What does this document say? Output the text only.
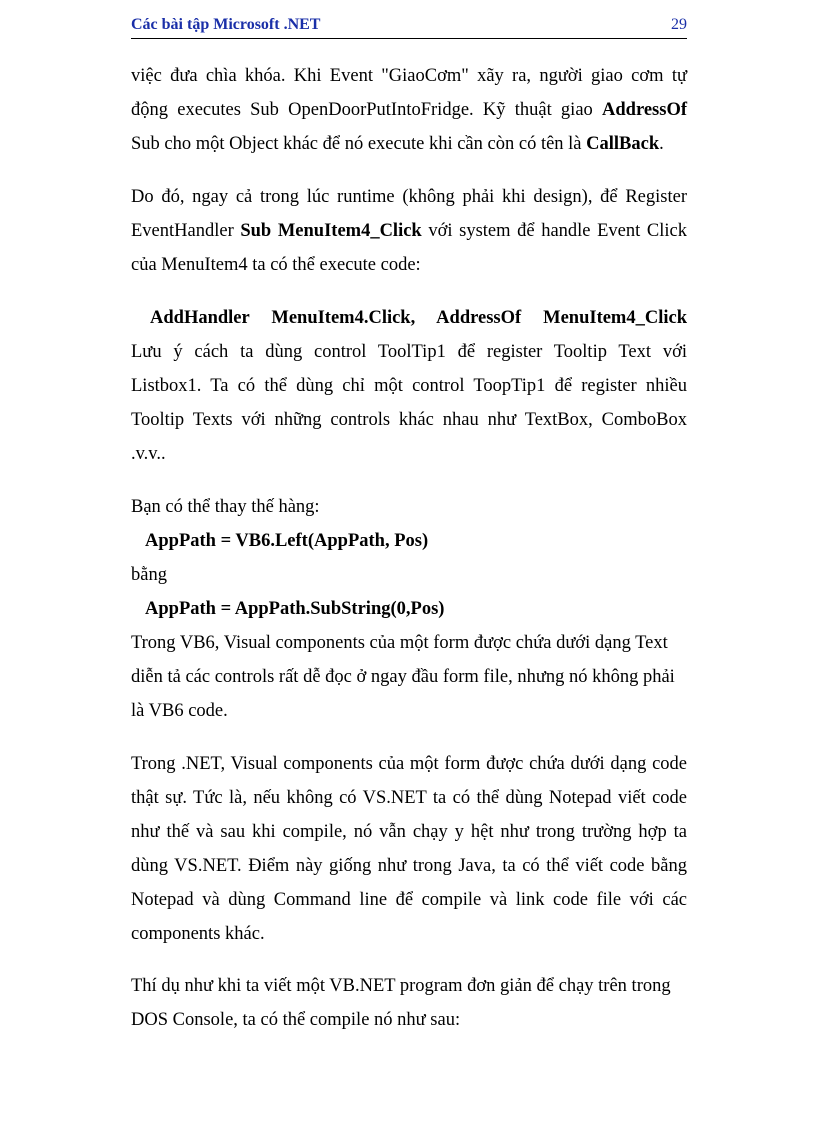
Các bài tập Microsoft .NET	29
việc đưa chìa khóa. Khi Event "GiaoCơm" xãy ra, người giao cơm tự
động executes Sub OpenDoorPutIntoFridge. Kỹ thuật giao AddressOf
Sub cho một Object khác để nó execute khi cần còn có tên là CallBack.
Do đó, ngay cả trong lúc runtime (không phải khi design), để Register
EventHandler Sub MenuItem4_Click với system để handle Event Click
của MenuItem4 ta có thể execute code:
AddHandler MenuItem4.Click, AddressOf MenuItem4_Click
Lưu ý cách ta dùng control ToolTip1 để register Tooltip Text với
Listbox1. Ta có thể dùng chỉ một control ToopTip1 để register nhiều
Tooltip Texts với những controls khác nhau như TextBox, ComboBox
.v.v..
Bạn có thể thay thế hàng:
AppPath = VB6.Left(AppPath, Pos)
bằng
AppPath = AppPath.SubString(0,Pos)
Trong VB6, Visual components của một form được chứa dưới dạng Text
diễn tả các controls rất dễ đọc ở ngay đầu form file, nhưng nó không phải
là VB6 code.
Trong .NET, Visual components của một form được chứa dưới dạng code
thật sự. Tức là, nếu không có VS.NET ta có thể dùng Notepad viết code
như thế và sau khi compile, nó vẫn chạy y hệt như trong trường hợp ta
dùng VS.NET. Điểm này giống như trong Java, ta có thể viết code bằng
Notepad và dùng Command line để compile và link code file với các
components khác.
Thí dụ như khi ta viết một VB.NET program đơn giản để chạy trên trong
DOS Console, ta có thể compile nó như sau:
